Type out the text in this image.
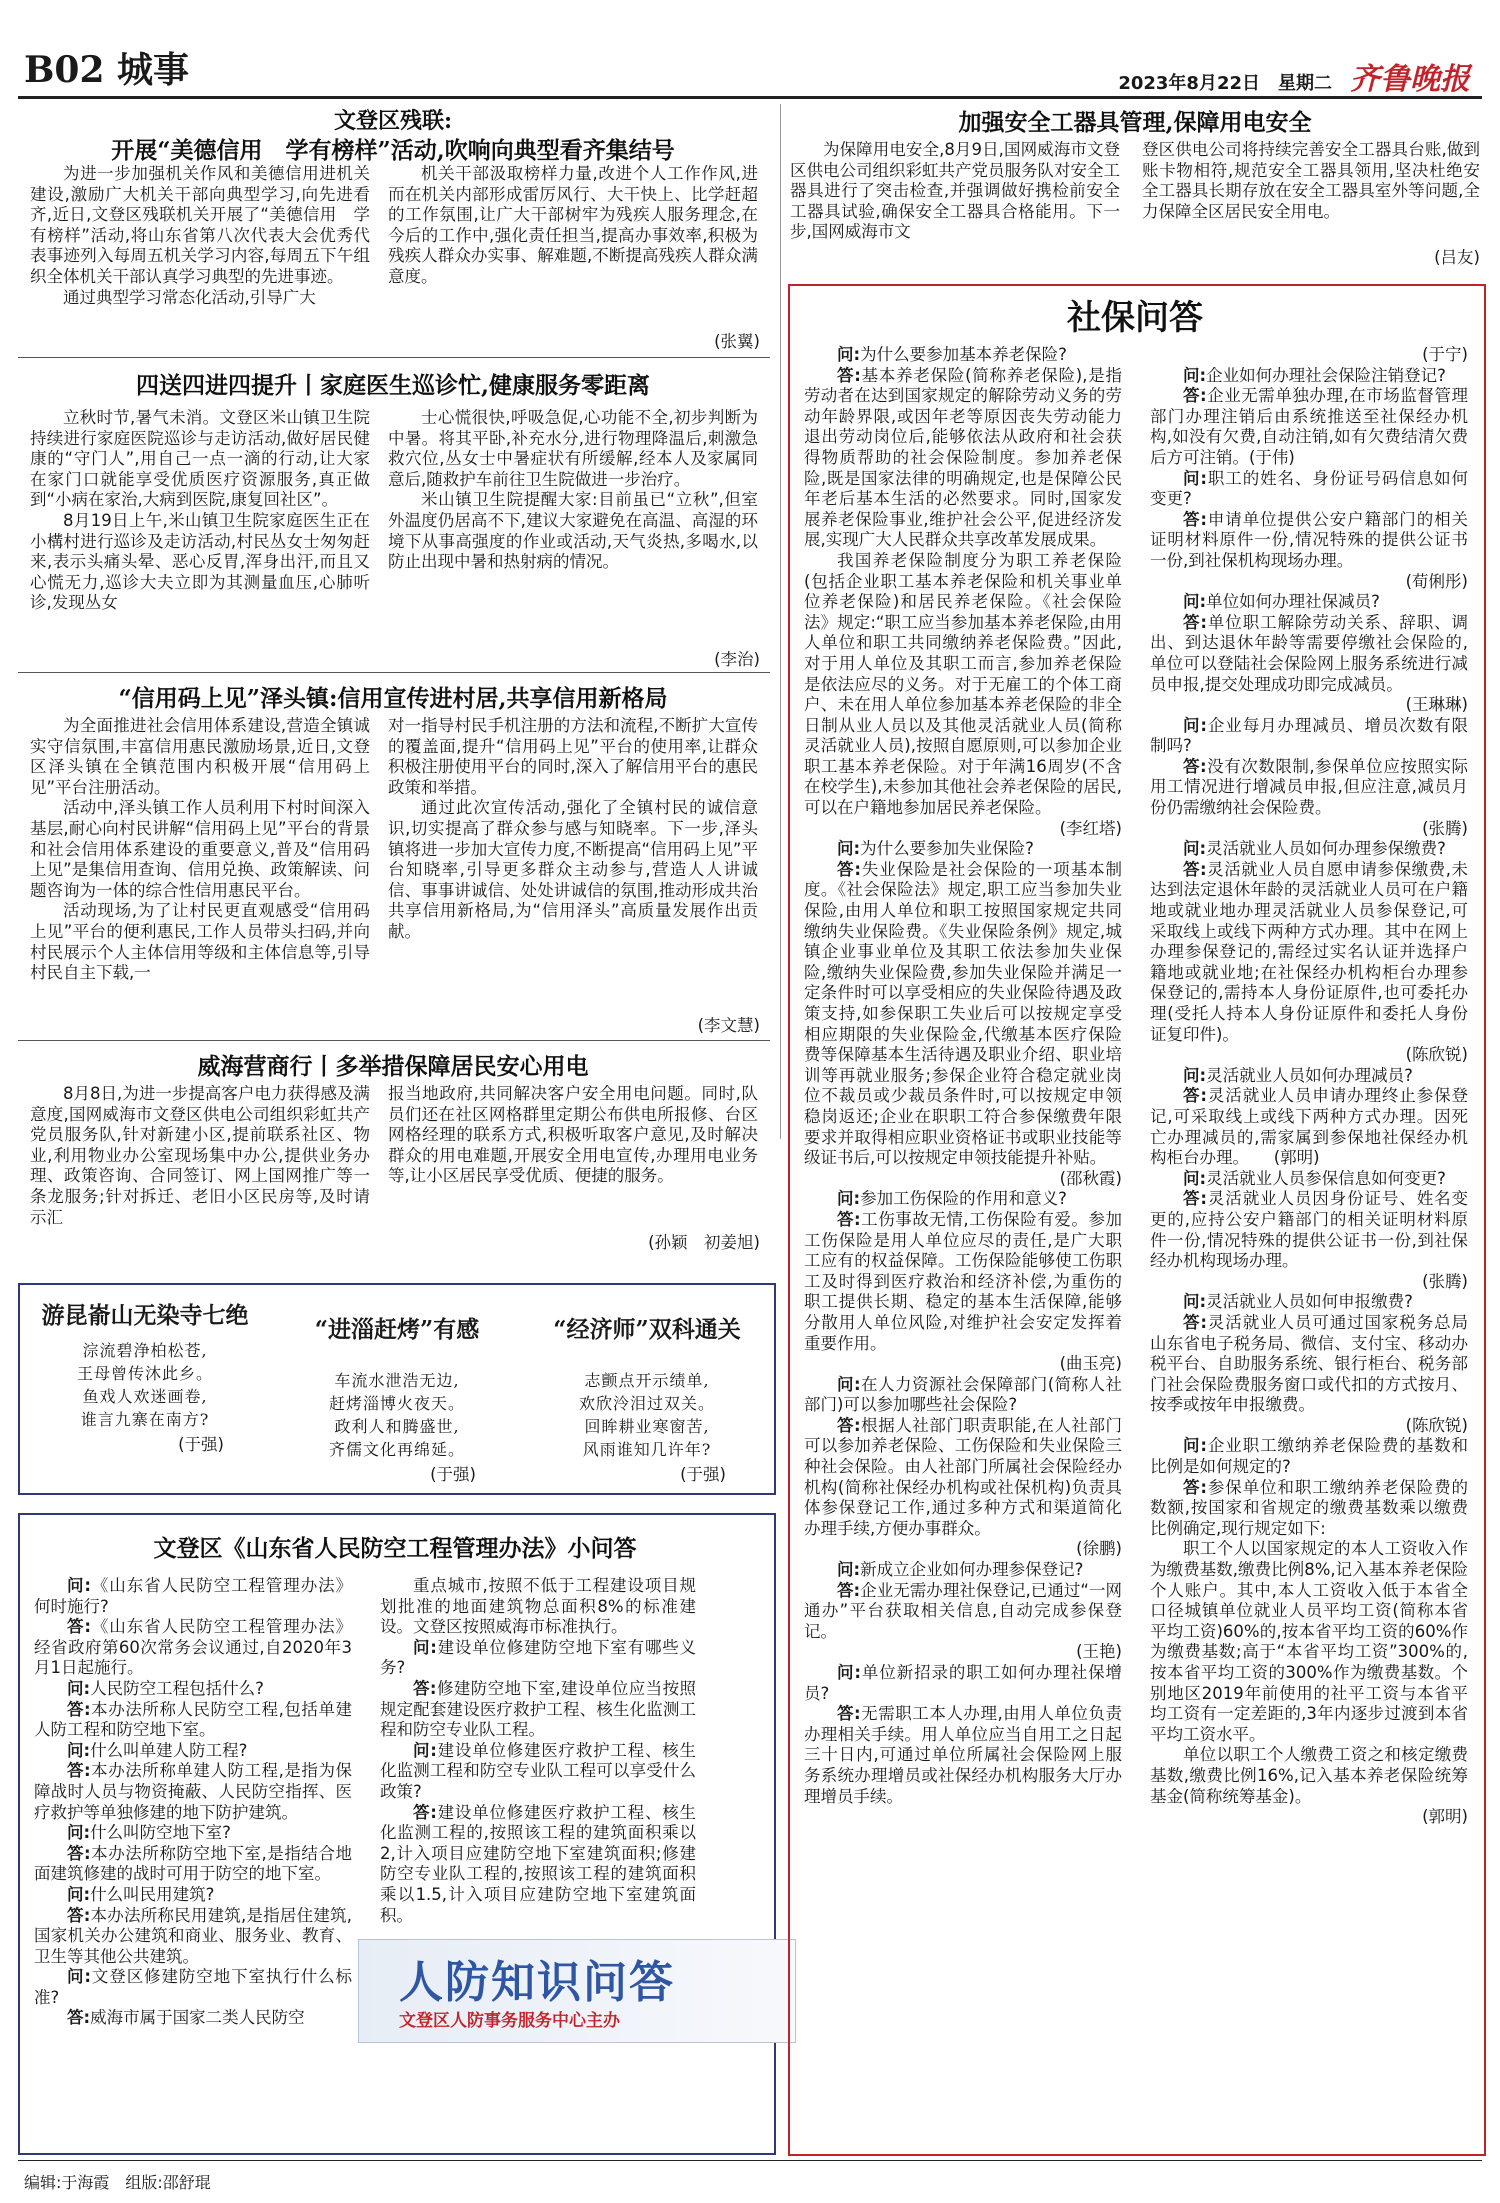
B02 城事	2023年8月22日 星期二 齐鲁晚报
文登区残联:
开展“美德信用　学有榜样”活动,吹响向典型看齐集结号

为进一步加强机关作风和美德信用进机关建设,激励广大机关干部向典型学习,向先进看齐,近日,文登区残联机关开展了“美德信用　学有榜样”活动,将山东省第八次代表大会优秀代表事迹列入每周五机关学习内容,每周五下午组织全体机关干部认真学习典型的先进事迹。

通过典型学习常态化活动,引导广大

机关干部汲取榜样力量,改进个人工作作风,进而在机关内部形成雷厉风行、大干快上、比学赶超的工作氛围,让广大干部树牢为残疾人服务理念,在今后的工作中,强化责任担当,提高办事效率,积极为残疾人群众办实事、解难题,不断提高残疾人群众满意度。

(张翼)
四送四进四提升丨家庭医生巡诊忙,健康服务零距离

立秋时节,暑气未消。文登区米山镇卫生院持续进行家庭医院巡诊与走访活动,做好居民健康的“守门人”,用自己一点一滴的行动,让大家在家门口就能享受优质医疗资源服务,真正做到“小病在家治,大病到医院,康复回社区”。

8月19日上午,米山镇卫生院家庭医生正在小構村进行巡诊及走访活动,村民丛女士匆匆赶来,表示头痛头晕、恶心反胃,浑身出汗,而且又心慌无力,巡诊大夫立即为其测量血压,心肺听诊,发现丛女

士心慌很快,呼吸急促,心功能不全,初步判断为中暑。将其平卧,补充水分,进行物理降温后,刺激急救穴位,丛女士中暑症状有所缓解,经本人及家属同意后,随救护车前往卫生院做进一步治疗。

米山镇卫生院提醒大家:目前虽已“立秋”,但室外温度仍居高不下,建议大家避免在高温、高湿的环境下从事高强度的作业或活动,天气炎热,多喝水,以防止出现中暑和热射病的情况。

(李治)
“信用码上见”泽头镇:信用宣传进村居,共享信用新格局

为全面推进社会信用体系建设,营造全镇诚实守信氛围,丰富信用惠民激励场景,近日,文登区泽头镇在全镇范围内积极开展“信用码上见”平台注册活动。

活动中,泽头镇工作人员利用下村时间深入基层,耐心向村民讲解“信用码上见”平台的背景和社会信用体系建设的重要意义,普及“信用码上见”是集信用查询、信用兑换、政策解读、问题咨询为一体的综合性信用惠民平台。

活动现场,为了让村民更直观感受“信用码上见”平台的便利惠民,工作人员带头扫码,并向村民展示个人主体信用等级和主体信息等,引导村民自主下载,一

对一指导村民手机注册的方法和流程,不断扩大宣传的覆盖面,提升“信用码上见”平台的使用率,让群众积极注册使用平台的同时,深入了解信用平台的惠民政策和举措。

通过此次宣传活动,强化了全镇村民的诚信意识,切实提高了群众参与感与知晓率。下一步,泽头镇将进一步加大宣传力度,不断提高“信用码上见”平台知晓率,引导更多群众主动参与,营造人人讲诚信、事事讲诚信、处处讲诚信的氛围,推动形成共治共享信用新格局,为“信用泽头”高质量发展作出贡献。

(李文慧)
威海营商行丨多举措保障居民安心用电

8月8日,为进一步提高客户电力获得感及满意度,国网威海市文登区供电公司组织彩虹共产党员服务队,针对新建小区,提前联系社区、物业,利用物业办公室现场集中办公,提供业务办理、政策咨询、合同签订、网上国网推广等一条龙服务;针对拆迁、老旧小区民房等,及时请示汇

报当地政府,共同解决客户安全用电问题。同时,队员们还在社区网格群里定期公布供电所报修、台区网格经理的联系方式,积极听取客户意见,及时解决群众的用电难题,开展安全用电宣传,办理用电业务等,让小区居民享受优质、便捷的服务。

(孙颖　初姜旭)
游昆嵛山无染寺七绝
淙流碧浄柏松苍,
王母曾传沐此乡。
鱼戏人欢迷画卷,
谁言九寨在南方?
(于强)
“进淄赶烤”有感
车流水泄浩无边,
赶烤淄博火夜天。
政利人和腾盛世,
齐儒文化再绵延。
(于强)
“经济师”双科通关
志颤点开示绩单,
欢欣泠泪过双关。
回眸耕业寒窗苦,
风雨谁知几许年?
(于强)
文登区《山东省人民防空工程管理办法》小问答

问:《山东省人民防空工程管理办法》何时施行?

答:《山东省人民防空工程管理办法》经省政府第60次常务会议通过,自2020年3月1日起施行。

问:人民防空工程包括什么?

答:本办法所称人民防空工程,包括单建人防工程和防空地下室。

问:什么叫单建人防工程?

答:本办法所称单建人防工程,是指为保障战时人员与物资掩蔽、人民防空指挥、医疗救护等单独修建的地下防护建筑。

问:什么叫防空地下室?

答:本办法所称防空地下室,是指结合地面建筑修建的战时可用于防空的地下室。

问:什么叫民用建筑?

答:本办法所称民用建筑,是指居住建筑,国家机关办公建筑和商业、服务业、教育、卫生等其他公共建筑。

问:文登区修建防空地下室执行什么标准?

答:威海市属于国家二类人民防空

重点城市,按照不低于工程建设项目规划批准的地面建筑物总面积8%的标准建设。文登区按照威海市标准执行。

问:建设单位修建防空地下室有哪些义务?

答:修建防空地下室,建设单位应当按照规定配套建设医疗救护工程、核生化监测工程和防空专业队工程。

问:建设单位修建医疗救护工程、核生化监测工程和防空专业队工程可以享受什么政策?

答:建设单位修建医疗救护工程、核生化监测工程的,按照该工程的建筑面积乘以2,计入项目应建防空地下室建筑面积;修建防空专业队工程的,按照该工程的建筑面积乘以1.5,计入项目应建防空地下室建筑面积。

人防知识问答
文登区人防事务服务中心主办
加强安全工器具管理,保障用电安全

为保障用电安全,8月9日,国网威海市文登区供电公司组织彩虹共产党员服务队对安全工器具进行了突击检查,并强调做好携检前安全工器具试验,确保安全工器具合格能用。下一步,国网威海市文

登区供电公司将持续完善安全工器具台账,做到账卡物相符,规范安全工器具领用,坚决杜绝安全工器具长期存放在安全工器具室外等问题,全力保障全区居民安全用电。

(吕友)
社保问答

问:为什么要参加基本养老保险?

答:基本养老保险(简称养老保险),是指劳动者在达到国家规定的解除劳动义务的劳动年龄界限,或因年老等原因丧失劳动能力退出劳动岗位后,能够依法从政府和社会获得物质帮助的社会保险制度。参加养老保险,既是国家法律的明确规定,也是保障公民年老后基本生活的必然要求。同时,国家发展养老保险事业,维护社会公平,促进经济发展,实现广大人民群众共享改革发展成果。

我国养老保险制度分为职工养老保险(包括企业职工基本养老保险和机关事业单位养老保险)和居民养老保险。《社会保险法》规定:“职工应当参加基本养老保险,由用人单位和职工共同缴纳养老保险费。”因此,对于用人单位及其职工而言,参加养老保险是依法应尽的义务。对于无雇工的个体工商户、未在用人单位参加基本养老保险的非全日制从业人员以及其他灵活就业人员(简称灵活就业人员),按照自愿原则,可以参加企业职工基本养老保险。对于年满16周岁(不含在校学生),未参加其他社会养老保险的居民,可以在户籍地参加居民养老保险。

(李红塔)

问:为什么要参加失业保险?

答:失业保险是社会保险的一项基本制度。《社会保险法》规定,职工应当参加失业保险,由用人单位和职工按照国家规定共同缴纳失业保险费。《失业保险条例》规定,城镇企业事业单位及其职工依法参加失业保险,缴纳失业保险费,参加失业保险并满足一定条件时可以享受相应的失业保险待遇及政策支持,如参保职工失业后可以按规定享受相应期限的失业保险金,代缴基本医疗保险费等保障基本生活待遇及职业介绍、职业培训等再就业服务;参保企业符合稳定就业岗位不裁员或少裁员条件时,可以按规定申领稳岗返还;企业在职职工符合参保缴费年限要求并取得相应职业资格证书或职业技能等级证书后,可以按规定申领技能提升补贴。

(邵秋霞)

问:参加工伤保险的作用和意义?

答:工伤事故无情,工伤保险有爱。参加工伤保险是用人单位应尽的责任,是广大职工应有的权益保障。工伤保险能够使工伤职工及时得到医疗救治和经济补偿,为重伤的职工提供长期、稳定的基本生活保障,能够分散用人单位风险,对维护社会安定发挥着重要作用。

(曲玉亮)

问:在人力资源社会保障部门(简称人社部门)可以参加哪些社会保险?

答:根据人社部门职责职能,在人社部门可以参加养老保险、工伤保险和失业保险三种社会保险。由人社部门所属社会保险经办机构(简称社保经办机构或社保机构)负责具体参保登记工作,通过多种方式和渠道简化办理手续,方便办事群众。

(徐鹏)

问:新成立企业如何办理参保登记?

答:企业无需办理社保登记,已通过“一网通办”平台获取相关信息,自动完成参保登记。

(王艳)

问:单位新招录的职工如何办理社保增员?

答:无需职工本人办理,由用人单位负责办理相关手续。用人单位应当自用工之日起三十日内,可通过单位所属社会保险网上服务系统办理增员或社保经办机构服务大厅办理增员手续。

(于宁)

问:企业如何办理社会保险注销登记?

答:企业无需单独办理,在市场监督管理部门办理注销后由系统推送至社保经办机构,如没有欠费,自动注销,如有欠费结清欠费后方可注销。(于伟)

问:职工的姓名、身份证号码信息如何变更?

答:申请单位提供公安户籍部门的相关证明材料原件一份,情况特殊的提供公证书一份,到社保机构现场办理。

(荀俐彤)

问:单位如何办理社保减员?

答:单位职工解除劳动关系、辞职、调出、到达退休年龄等需要停缴社会保险的,单位可以登陆社会保险网上服务系统进行减员申报,提交处理成功即完成减员。

(王琳琳)

问:企业每月办理减员、增员次数有限制吗?

答:没有次数限制,参保单位应按照实际用工情况进行增减员申报,但应注意,减员月份仍需缴纳社会保险费。

(张腾)

问:灵活就业人员如何办理参保缴费?

答:灵活就业人员自愿申请参保缴费,未达到法定退休年龄的灵活就业人员可在户籍地或就业地办理灵活就业人员参保登记,可采取线上或线下两种方式办理。其中在网上办理参保登记的,需经过实名认证并选择户籍地或就业地;在社保经办机构柜台办理参保登记的,需持本人身份证原件,也可委托办理(受托人持本人身份证原件和委托人身份证复印件)。

(陈欣锐)

问:灵活就业人员如何办理减员?

答:灵活就业人员申请办理终止参保登记,可采取线上或线下两种方式办理。因死亡办理减员的,需家属到参保地社保经办机构柜台办理。　　(郭明)

问:灵活就业人员参保信息如何变更?

答:灵活就业人员因身份证号、姓名变更的,应持公安户籍部门的相关证明材料原件一份,情况特殊的提供公证书一份,到社保经办机构现场办理。

(张腾)

问:灵活就业人员如何申报缴费?

答:灵活就业人员可通过国家税务总局山东省电子税务局、微信、支付宝、移动办税平台、自助服务系统、银行柜台、税务部门社会保险费服务窗口或代扣的方式按月、按季或按年申报缴费。

(陈欣锐)

问:企业职工缴纳养老保险费的基数和比例是如何规定的?

答:参保单位和职工缴纳养老保险费的数额,按国家和省规定的缴费基数乘以缴费比例确定,现行规定如下:

职工个人以国家规定的本人工资收入作为缴费基数,缴费比例8%,记入基本养老保险个人账户。其中,本人工资收入低于本省全口径城镇单位就业人员平均工资(简称本省平均工资)60%的,按本省平均工资的60%作为缴费基数;高于“本省平均工资”300%的,按本省平均工资的300%作为缴费基数。个别地区2019年前使用的社平工资与本省平均工资有一定差距的,3年内逐步过渡到本省平均工资水平。

单位以职工个人缴费工资之和核定缴费基数,缴费比例16%,记入基本养老保险统筹基金(简称统筹基金)。

(郭明)

编辑:于海霞　组版:邵舒琨
